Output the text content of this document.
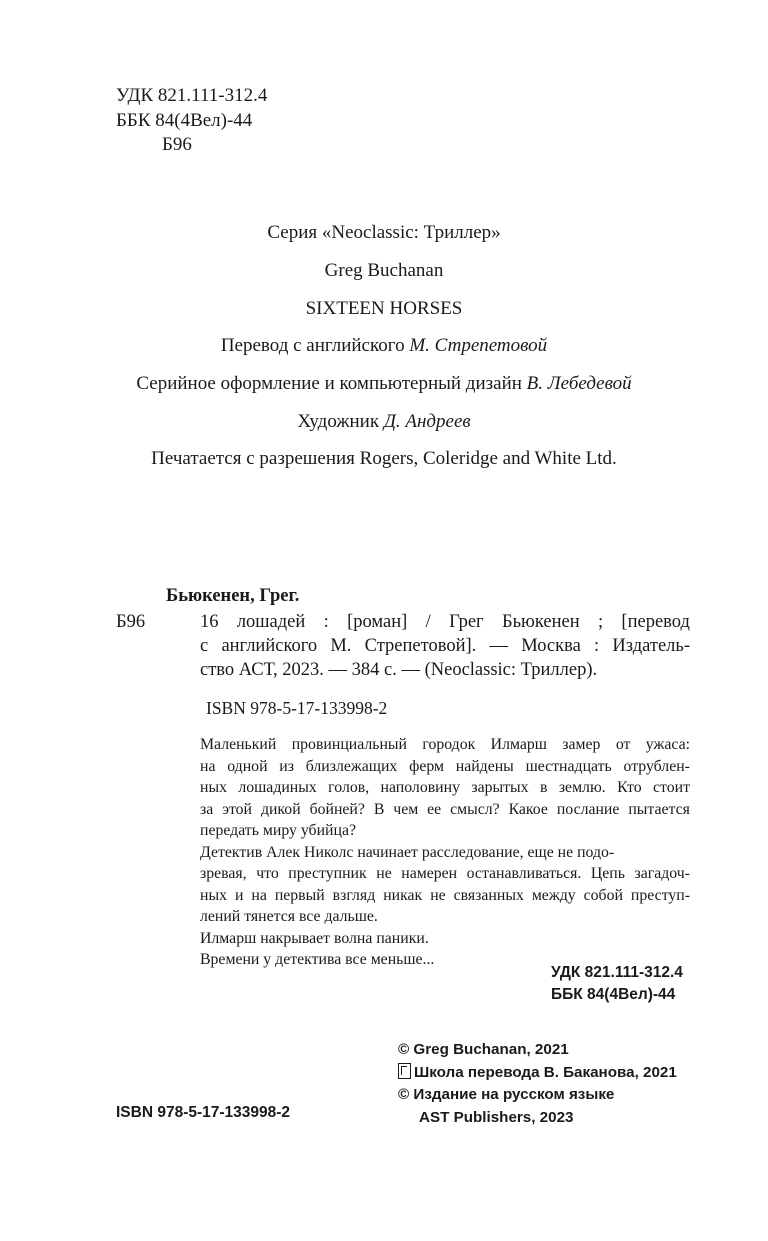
УДК 821.111-312.4
ББК 84(4Вел)-44
Б96
Серия «Neoclassic: Триллер»
Greg Buchanan
SIXTEEN HORSES
Перевод с английского М. Стрепетовой
Серийное оформление и компьютерный дизайн В. Лебедевой
Художник Д. Андреев
Печатается с разрешения Rogers, Coleridge and White Ltd.
Бьюкенен, Грег.
Б96	16 лошадей : [роман] / Грег Бьюкенен ; [перевод
с английского М. Стрепетовой]. — Москва : Издатель-
ство АСТ, 2023. — 384 с. — (Neoclassic: Триллер).
ISBN 978-5-17-133998-2
Маленький провинциальный городок Илмарш замер от ужаса:
на одной из близлежащих ферм найдены шестнадцать отрублен-
ных лошадиных голов, наполовину зарытых в землю. Кто стоит
за этой дикой бойней? В чем ее смысл? Какое послание пытается
передать миру убийца?
Детектив Алек Николс начинает расследование, еще не подо-
зревая, что преступник не намерен останавливаться. Цепь загадоч-
ных и на первый взгляд никак не связанных между собой преступ-
лений тянется все дальше.
Илмарш накрывает волна паники.
Времени у детектива все меньше...
УДК 821.111-312.4
ББК 84(4Вел)-44
© Greg Buchanan, 2021
Школа перевода В. Баканова, 2021
© Издание на русском языке
AST Publishers, 2023
ISBN 978-5-17-133998-2
